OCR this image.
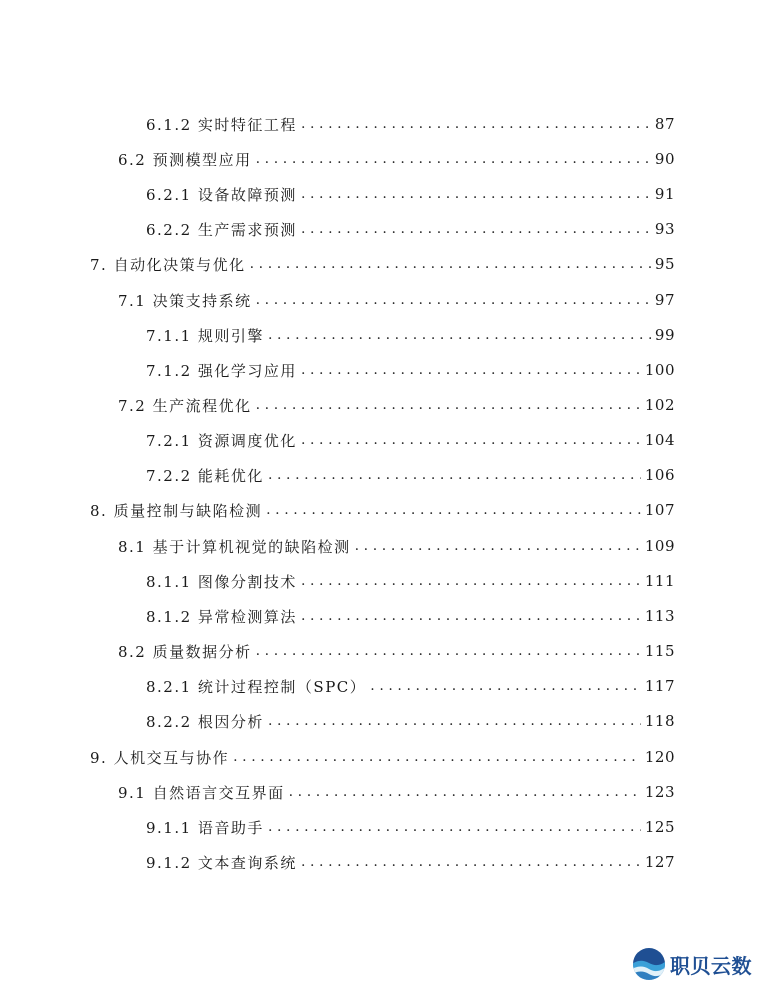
6.1.2 实时特征工程 .....	87
6.2 预测模型应用 .....	90
6.2.1 设备故障预测 .....	91
6.2.2 生产需求预测 .....	93
7. 自动化决策与优化 .....	95
7.1 决策支持系统 .....	97
7.1.1 规则引擎 .....	99
7.1.2 强化学习应用 .....	100
7.2 生产流程优化 .....	102
7.2.1 资源调度优化 .....	104
7.2.2 能耗优化 .....	106
8. 质量控制与缺陷检测 .....	107
8.1 基于计算机视觉的缺陷检测 .....	109
8.1.1 图像分割技术 .....	111
8.1.2 异常检测算法 .....	113
8.2 质量数据分析 .....	115
8.2.1 统计过程控制（SPC） .....	117
8.2.2 根因分析 .....	118
9. 人机交互与协作 .....	120
9.1 自然语言交互界面 .....	123
9.1.1 语音助手 .....	125
9.1.2 文本查询系统 .....	127
职贝云数
